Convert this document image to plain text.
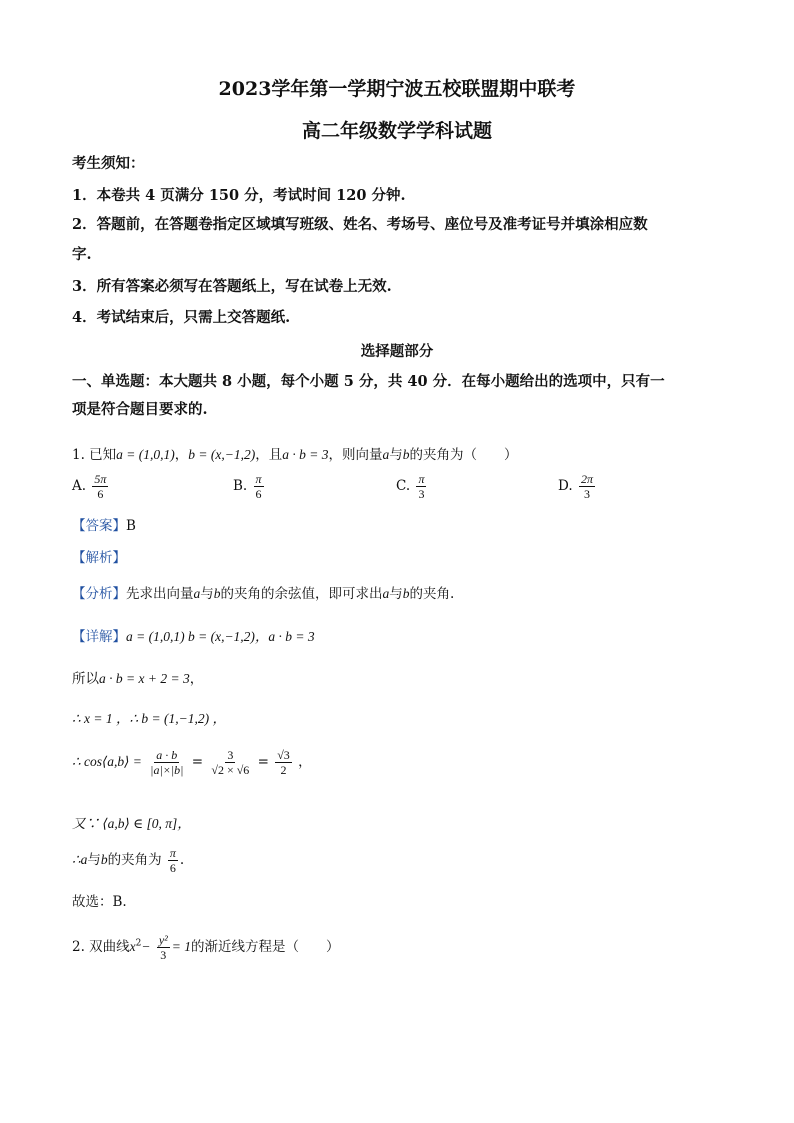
2023学年第一学期宁波五校联盟期中联考
高二年级数学学科试题
考生须知：
1．本卷共 4 页满分 150 分，考试时间 120 分钟.
2．答题前，在答题卷指定区域填写班级、姓名、考场号、座位号及准考证号并填涂相应数
字.
3．所有答案必须写在答题纸上，写在试卷上无效.
4．考试结束后，只需上交答题纸.
选择题部分
一、单选题：本大题共 8 小题，每个小题 5 分，共 40 分．在每小题给出的选项中，只有一
项是符合题目要求的.
1. 已知a = (1,0,1)，b = (x,−1,2)，且a · b = 3，则向量a与b的夹角为（　　）
A. $\frac{5\pi}{6}$	B. $\frac{\pi}{6}$	C. $\frac{\pi}{3}$	D. $\frac{2\pi}{3}$
【答案】B
【解析】
【分析】先求出向量a与b的夹角的余弦值，即可求出a与b的夹角.
【详解】a = (1,0,1) b = (x,−1,2)，a · b = 3
所以a · b = x + 2 = 3，
∴ x = 1 ，∴ b = (1,−1,2) ，
∴ cos⟨a,b⟩ = $\frac{a \cdot b}{|a|\times|b|} = \frac{3}{√2 \times √6} = \frac{√3}{2}$ ，
又∵ ⟨a,b⟩ ∈ [0, π]，
∴a与b的夹角为 $\frac{\pi}{6}$ .
故选：B.
2. 双曲线$x^2- \frac{\text{y²}}{3} = 1$的渐近线方程是（　　）
